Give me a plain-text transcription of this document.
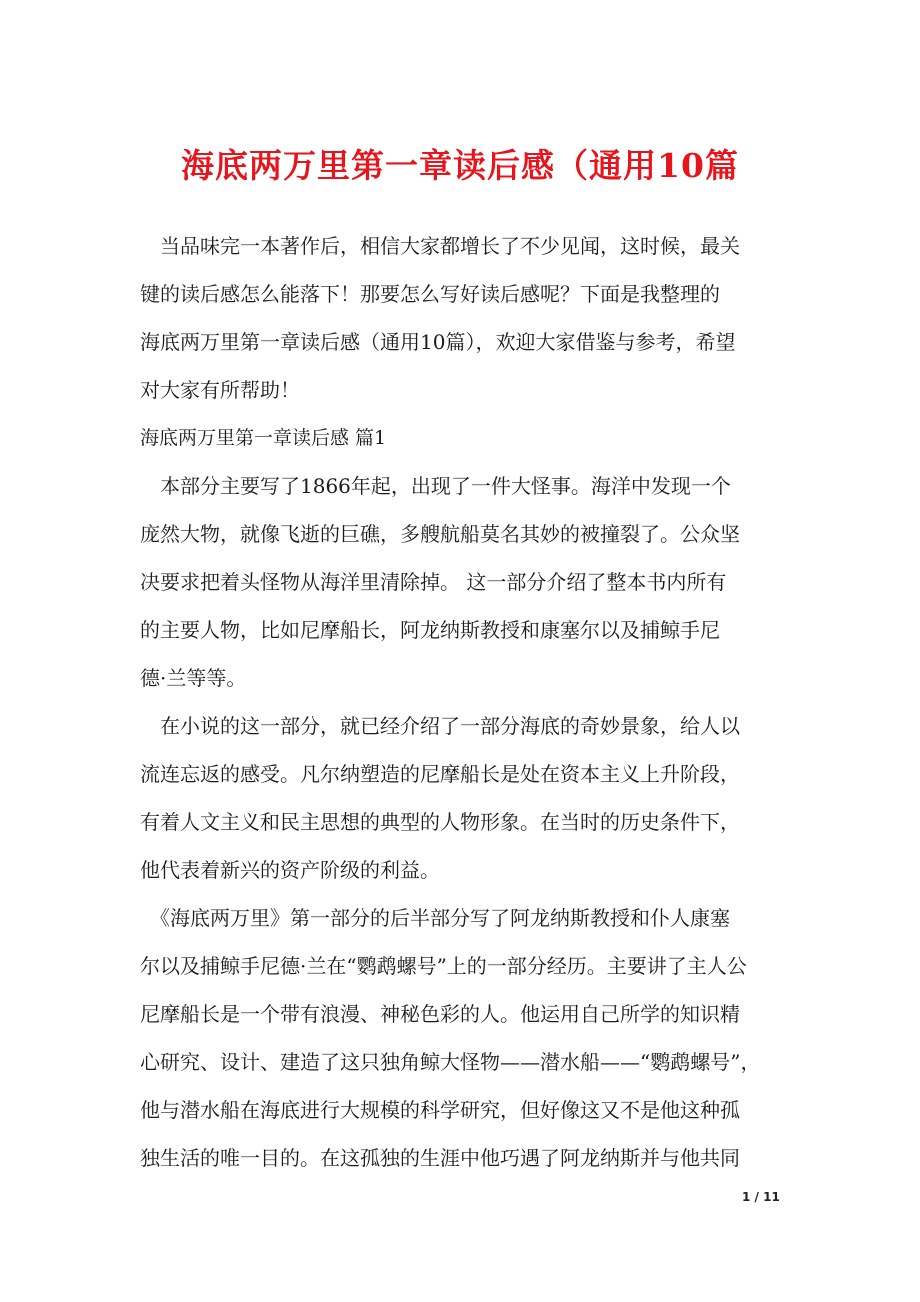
海底两万里第一章读后感（通用10篇
　当品味完一本著作后，相信大家都增长了不少见闻，这时候，最关
键的读后感怎么能落下！那要怎么写好读后感呢？下面是我整理的
海底两万里第一章读后感（通用10篇），欢迎大家借鉴与参考，希望
对大家有所帮助！
海底两万里第一章读后感 篇1
　本部分主要写了1866年起，出现了一件大怪事。海洋中发现一个
庞然大物，就像飞逝的巨礁，多艘航船莫名其妙的被撞裂了。公众坚
决要求把着头怪物从海洋里清除掉。 这一部分介绍了整本书内所有
的主要人物，比如尼摩船长，阿龙纳斯教授和康塞尔以及捕鲸手尼
德·兰等等。
　在小说的这一部分，就已经介绍了一部分海底的奇妙景象，给人以
流连忘返的感受。凡尔纳塑造的尼摩船长是处在资本主义上升阶段，
有着人文主义和民主思想的典型的人物形象。在当时的历史条件下，
他代表着新兴的资产阶级的利益。
　《海底两万里》第一部分的后半部分写了阿龙纳斯教授和仆人康塞
尔以及捕鲸手尼德·兰在“鹦鹉螺号”上的一部分经历。主要讲了主人公
尼摩船长是一个带有浪漫、神秘色彩的人。他运用自己所学的知识精
心研究、设计、建造了这只独角鲸大怪物——潜水船——“鹦鹉螺号”，
他与潜水船在海底进行大规模的科学研究，但好像这又不是他这种孤
独生活的唯一目的。在这孤独的生涯中他巧遇了阿龙纳斯并与他共同
1 / 11
